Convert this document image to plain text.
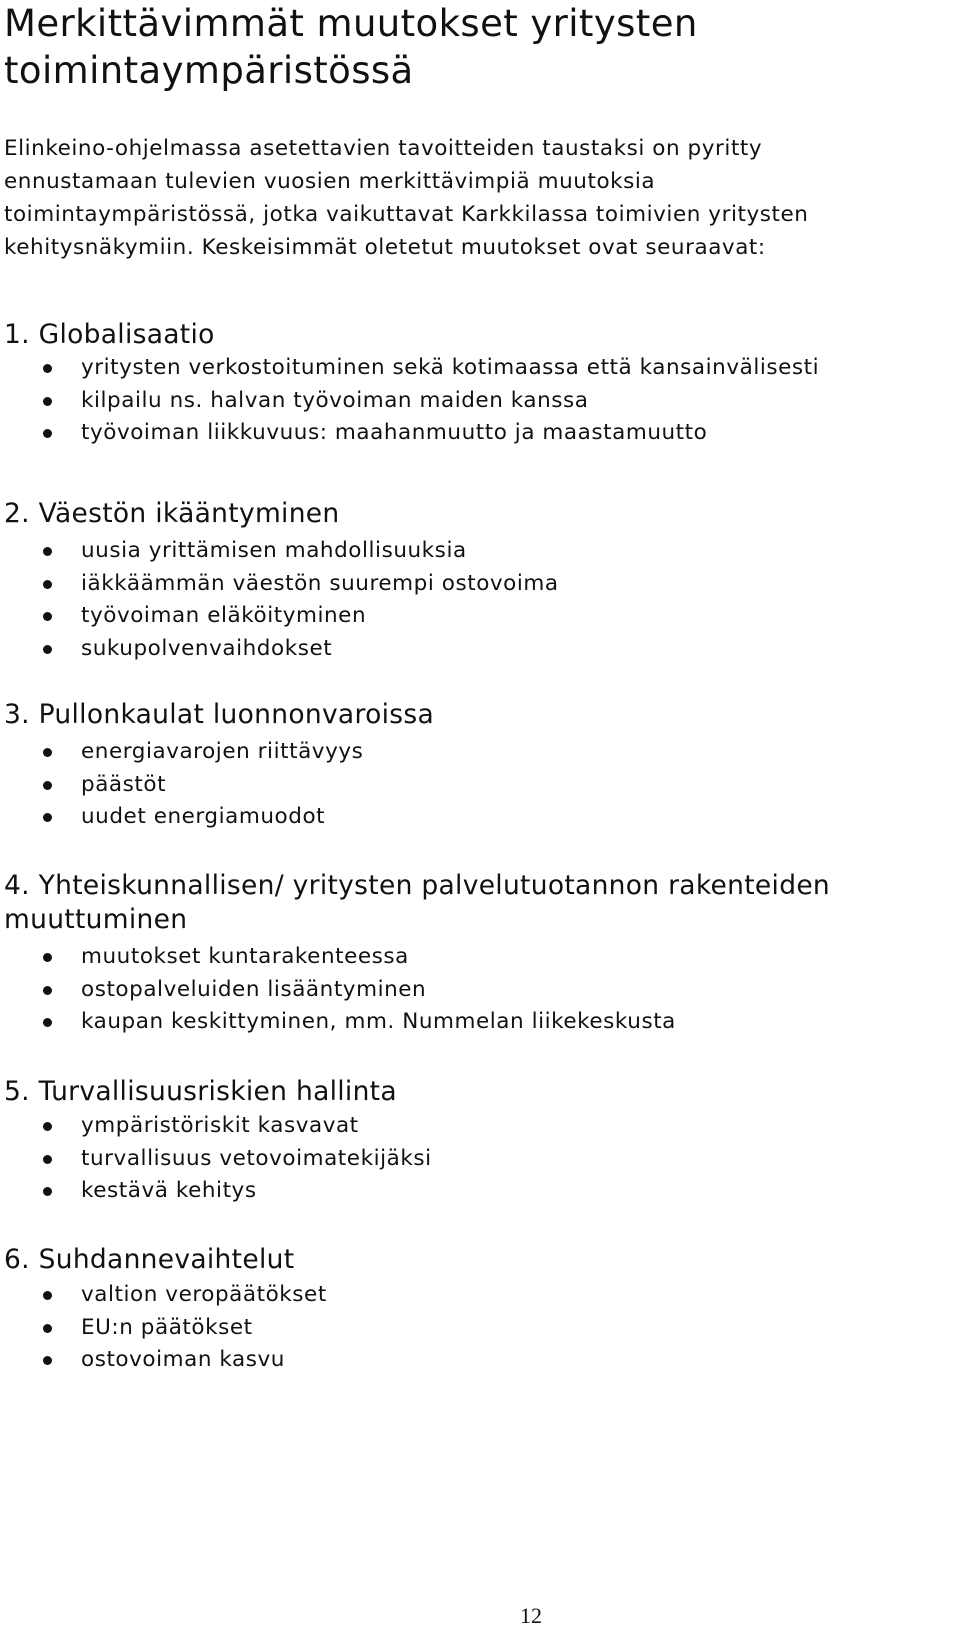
Merkittävimmät muutokset yritysten toimintaympäristössä

Elinkeino-ohjelmassa asetettavien tavoitteiden taustaksi on pyritty
ennustamaan tulevien vuosien merkittävimpiä muutoksia
toimintaympäristössä, jotka vaikuttavat Karkkilassa toimivien yritysten
kehitysnäkymiin. Keskeisimmät oletetut muutokset ovat seuraavat:

1. Globalisaatio
yritysten verkostoituminen sekä kotimaassa että kansainvälisesti
kilpailu ns. halvan työvoiman maiden kanssa
työvoiman liikkuvuus: maahanmuutto ja maastamuutto
2. Väestön ikääntyminen
uusia yrittämisen mahdollisuuksia
iäkkäämmän väestön suurempi ostovoima
työvoiman eläköityminen
sukupolvenvaihdokset
3. Pullonkaulat luonnonvaroissa
energiavarojen riittävyys
päästöt
uudet energiamuodot
4. Yhteiskunnallisen/ yritysten palvelutuotannon rakenteiden muuttuminen
muutokset kuntarakenteessa
ostopalveluiden lisääntyminen
kaupan keskittyminen, mm. Nummelan liikekeskusta
5. Turvallisuusriskien hallinta
ympäristöriskit kasvavat
turvallisuus vetovoimatekijäksi
kestävä kehitys
6. Suhdannevaihtelut
valtion veropäätökset
EU:n päätökset
ostovoiman kasvu

12
